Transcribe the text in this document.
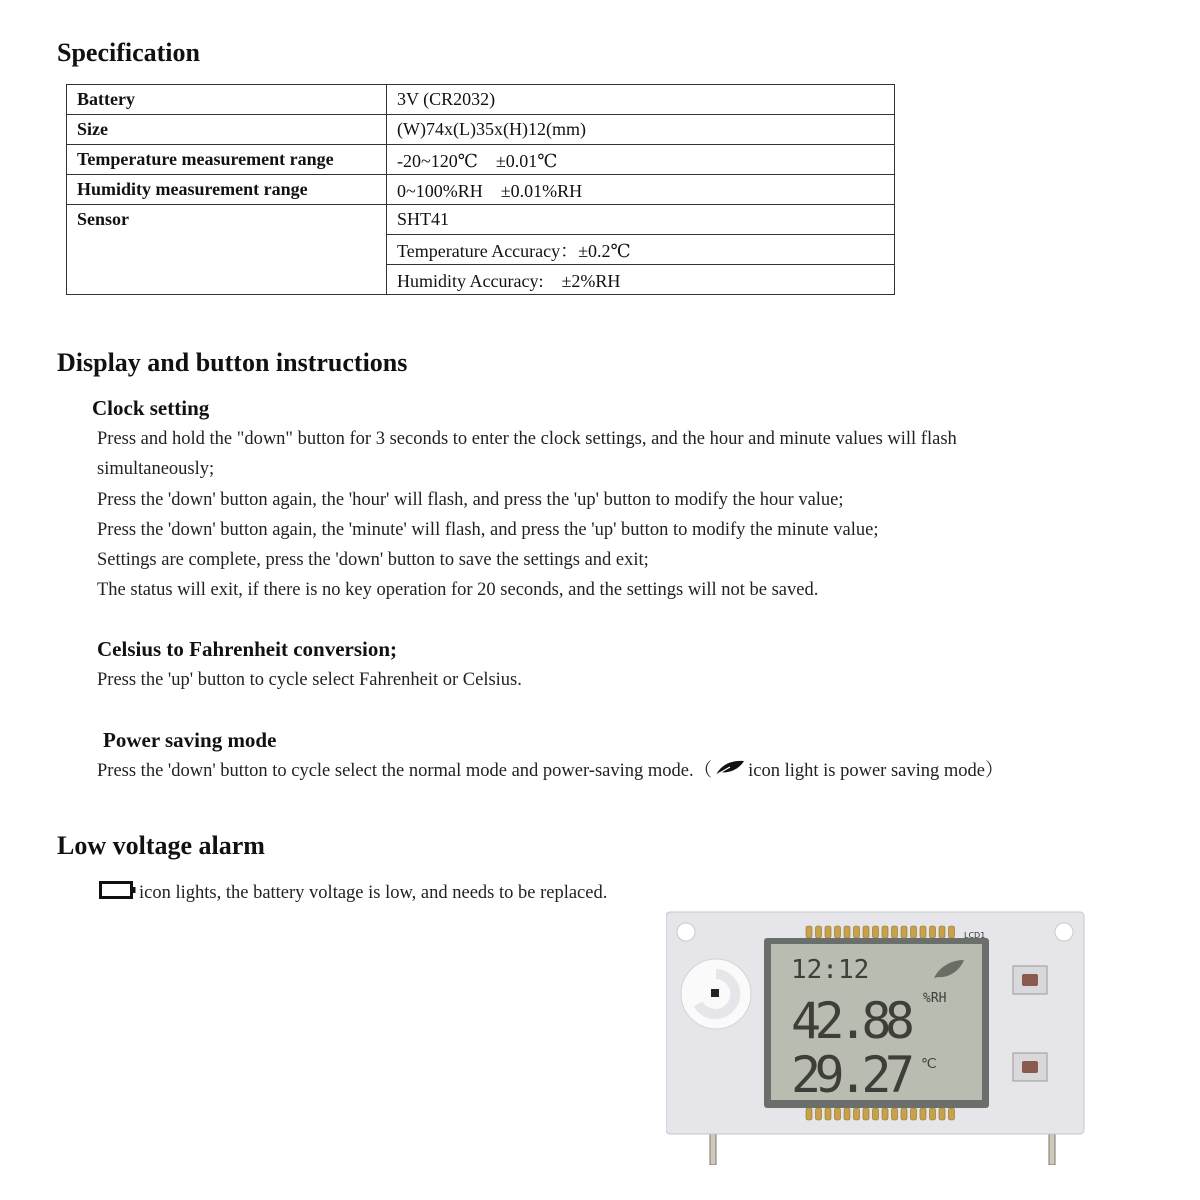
Specification
Battery	3V (CR2032)
Size	(W)74x(L)35x(H)12(mm)
Temperature measurement range	-20~120℃　±0.01℃
Humidity measurement range	0~100%RH　±0.01%RH
Sensor	SHT41
	Temperature Accuracy：±0.2℃
	Humidity Accuracy:　±2%RH
Display and button instructions
Clock setting
Press and hold the "down" button for 3 seconds to enter the clock settings, and the hour and minute values will flash
simultaneously;
Press the 'down' button again, the 'hour' will flash, and press the 'up' button to modify the hour value;
Press the 'down' button again, the 'minute' will flash, and press the 'up' button to modify the minute value;
Settings are complete, press the 'down' button to save the settings and exit;
The status will exit, if there is no key operation for 20 seconds, and the settings will not be saved.
Celsius to Fahrenheit conversion;
Press the 'up' button to cycle select Fahrenheit or Celsius.
Power saving mode
Press the 'down' button to cycle select the normal mode and power-saving mode.（ icon light is power saving mode）
Low voltage alarm
icon lights, the battery voltage is low, and needs to be replaced.
LCD1
12:12
42.88 %RH
29.27 ℃
